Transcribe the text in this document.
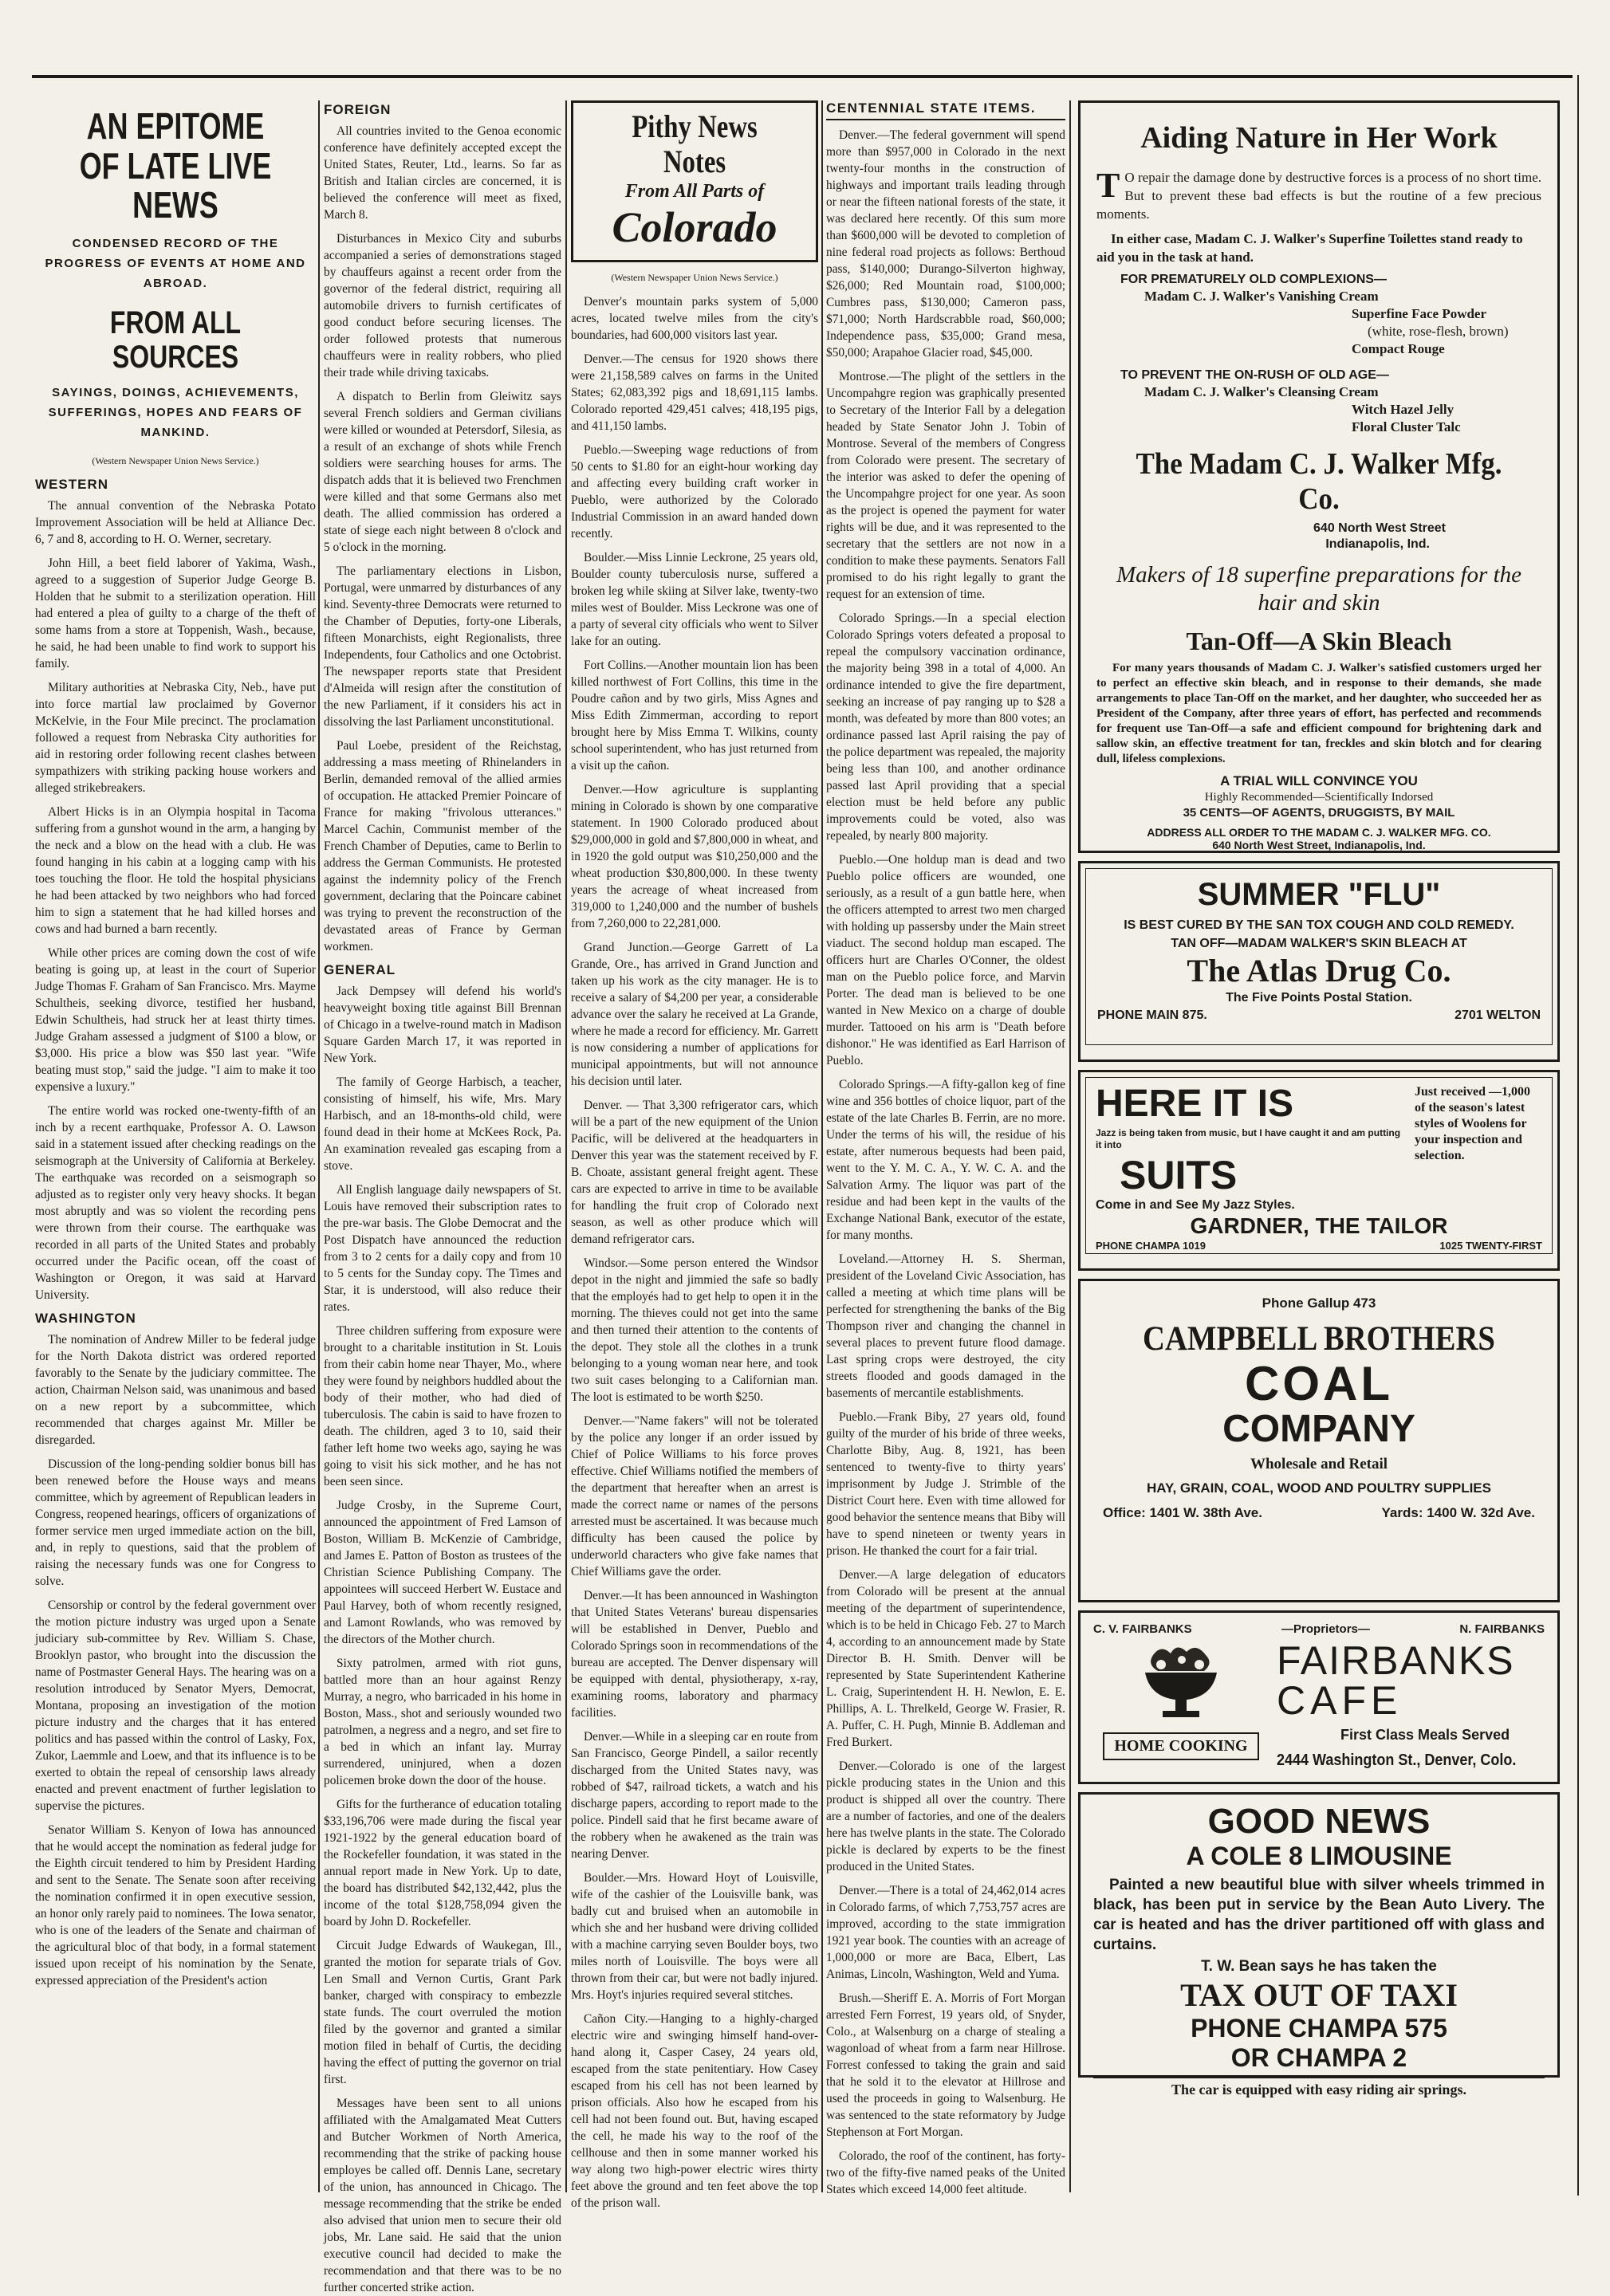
AN EPITOME OF LATE LIVE NEWS
CONDENSED RECORD OF THE PROGRESS OF EVENTS AT HOME AND ABROAD.
FROM ALL SOURCES
SAYINGS, DOINGS, ACHIEVEMENTS, SUFFERINGS, HOPES AND FEARS OF MANKIND.
(Western Newspaper Union News Service.)
WESTERN

The annual convention of the Nebraska Potato Improvement Association will be held at Alliance Dec. 6, 7 and 8, according to H. O. Werner, secretary.

John Hill, a beet field laborer of Yakima, Wash., agreed to a suggestion of Superior Judge George B. Holden that he submit to a sterilization operation. Hill had entered a plea of guilty to a charge of the theft of some hams from a store at Toppenish, Wash., because, he said, he had been unable to find work to support his family.

Military authorities at Nebraska City, Neb., have put into force martial law proclaimed by Governor McKelvie, in the Four Mile precinct. The proclamation followed a request from Nebraska City authorities for aid in restoring order following recent clashes between sympathizers with striking packing house workers and alleged strikebreakers.

Albert Hicks is in an Olympia hospital in Tacoma suffering from a gunshot wound in the arm, a hanging by the neck and a blow on the head with a club. He was found hanging in his cabin at a logging camp with his toes touching the floor. He told the hospital physicians he had been attacked by two neighbors who had forced him to sign a statement that he had killed horses and cows and had burned a barn recently.

While other prices are coming down the cost of wife beating is going up, at least in the court of Superior Judge Thomas F. Graham of San Francisco. Mrs. Mayme Schultheis, seeking divorce, testified her husband, Edwin Schultheis, had struck her at least thirty times. Judge Graham assessed a judgment of $100 a blow, or $3,000. His price a blow was $50 last year. "Wife beating must stop," said the judge. "I aim to make it too expensive a luxury."

The entire world was rocked one-twenty-fifth of an inch by a recent earthquake, Professor A. O. Lawson said in a statement issued after checking readings on the seismograph at the University of California at Berkeley. The earthquake was recorded on a seismograph so adjusted as to register only very heavy shocks. It began most abruptly and was so violent the recording pens were thrown from their course. The earthquake was recorded in all parts of the United States and probably occurred under the Pacific ocean, off the coast of Washington or Oregon, it was said at Harvard University.

WASHINGTON

The nomination of Andrew Miller to be federal judge for the North Dakota district was ordered reported favorably to the Senate by the judiciary committee. The action, Chairman Nelson said, was unanimous and based on a new report by a subcommittee, which recommended that charges against Mr. Miller be disregarded.

Discussion of the long-pending soldier bonus bill has been renewed before the House ways and means committee, which by agreement of Republican leaders in Congress, reopened hearings, officers of organizations of former service men urged immediate action on the bill, and, in reply to questions, said that the problem of raising the necessary funds was one for Congress to solve.

Censorship or control by the federal government over the motion picture industry was urged upon a Senate judiciary sub-committee by Rev. William S. Chase, Brooklyn pastor, who brought into the discussion the name of Postmaster General Hays. The hearing was on a resolution introduced by Senator Myers, Democrat, Montana, proposing an investigation of the motion picture industry and the charges that it has entered politics and has passed within the control of Lasky, Fox, Zukor, Laemmle and Loew, and that its influence is to be exerted to obtain the repeal of censorship laws already enacted and prevent enactment of further legislation to supervise the pictures.

Senator William S. Kenyon of Iowa has announced that he would accept the nomination as federal judge for the Eighth circuit tendered to him by President Harding and sent to the Senate. The Senate soon after receiving the nomination confirmed it in open executive session, an honor only rarely paid to nominees. The Iowa senator, who is one of the leaders of the Senate and chairman of the agricultural bloc of that body, in a formal statement issued upon receipt of his nomination by the Senate, expressed appreciation of the President's action

FOREIGN

All countries invited to the Genoa economic conference have definitely accepted except the United States, Reuter, Ltd., learns. So far as British and Italian circles are concerned, it is believed the conference will meet as fixed, March 8.

Disturbances in Mexico City and suburbs accompanied a series of demonstrations staged by chauffeurs against a recent order from the governor of the federal district, requiring all automobile drivers to furnish certificates of good conduct before securing licenses. The order followed protests that numerous chauffeurs were in reality robbers, who plied their trade while driving taxicabs.

A dispatch to Berlin from Gleiwitz says several French soldiers and German civilians were killed or wounded at Petersdorf, Silesia, as a result of an exchange of shots while French soldiers were searching houses for arms. The dispatch adds that it is believed two Frenchmen were killed and that some Germans also met death. The allied commission has ordered a state of siege each night between 8 o'clock and 5 o'clock in the morning.

The parliamentary elections in Lisbon, Portugal, were unmarred by disturbances of any kind. Seventy-three Democrats were returned to the Chamber of Deputies, forty-one Liberals, fifteen Monarchists, eight Regionalists, three Independents, four Catholics and one Octobrist. The newspaper reports state that President d'Almeida will resign after the constitution of the new Parliament, if it considers his act in dissolving the last Parliament unconstitutional.

Paul Loebe, president of the Reichstag, addressing a mass meeting of Rhinelanders in Berlin, demanded removal of the allied armies of occupation. He attacked Premier Poincare of France for making "frivolous utterances." Marcel Cachin, Communist member of the French Chamber of Deputies, came to Berlin to address the German Communists. He protested against the indemnity policy of the French government, declaring that the Poincare cabinet was trying to prevent the reconstruction of the devastated areas of France by German workmen.

GENERAL

Jack Dempsey will defend his world's heavyweight boxing title against Bill Brennan of Chicago in a twelve-round match in Madison Square Garden March 17, it was reported in New York.

The family of George Harbisch, a teacher, consisting of himself, his wife, Mrs. Mary Harbisch, and an 18-months-old child, were found dead in their home at McKees Rock, Pa. An examination revealed gas escaping from a stove.

All English language daily newspapers of St. Louis have removed their subscription rates to the pre-war basis. The Globe Democrat and the Post Dispatch have announced the reduction from 3 to 2 cents for a daily copy and from 10 to 5 cents for the Sunday copy. The Times and Star, it is understood, will also reduce their rates.

Three children suffering from exposure were brought to a charitable institution in St. Louis from their cabin home near Thayer, Mo., where they were found by neighbors huddled about the body of their mother, who had died of tuberculosis. The cabin is said to have frozen to death. The children, aged 3 to 10, said their father left home two weeks ago, saying he was going to visit his sick mother, and he has not been seen since.

Judge Crosby, in the Supreme Court, announced the appointment of Fred Lamson of Boston, William B. McKenzie of Cambridge, and James E. Patton of Boston as trustees of the Christian Science Publishing Company. The appointees will succeed Herbert W. Eustace and Paul Harvey, both of whom recently resigned, and Lamont Rowlands, who was removed by the directors of the Mother church.

Sixty patrolmen, armed with riot guns, battled more than an hour against Renzy Murray, a negro, who barricaded in his home in Boston, Mass., shot and seriously wounded two patrolmen, a negress and a negro, and set fire to a bed in which an infant lay. Murray surrendered, uninjured, when a dozen policemen broke down the door of the house.

Gifts for the furtherance of education totaling $33,196,706 were made during the fiscal year 1921-1922 by the general education board of the Rockefeller foundation, it was stated in the annual report made in New York. Up to date, the board has distributed $42,132,442, plus the income of the total $128,758,094 given the board by John D. Rockefeller.

Circuit Judge Edwards of Waukegan, Ill., granted the motion for separate trials of Gov. Len Small and Vernon Curtis, Grant Park banker, charged with conspiracy to embezzle state funds. The court overruled the motion filed by the governor and granted a similar motion filed in behalf of Curtis, the deciding having the effect of putting the governor on trial first.

Messages have been sent to all unions affiliated with the Amalgamated Meat Cutters and Butcher Workmen of North America, recommending that the strike of packing house employes be called off. Dennis Lane, secretary of the union, has announced in Chicago. The message recommending that the strike be ended also advised that union men to secure their old jobs, Mr. Lane said. He said that the union executive council had decided to make the recommendation and that there was to be no further concerted strike action.

Pithy News Notes
From All Parts of
Colorado
(Western Newspaper Union News Service.)

Denver's mountain parks system of 5,000 acres, located twelve miles from the city's boundaries, had 600,000 visitors last year.

Denver.—The census for 1920 shows there were 21,158,589 calves on farms in the United States; 62,083,392 pigs and 18,691,115 lambs. Colorado reported 429,451 calves; 418,195 pigs, and 411,150 lambs.

Pueblo.—Sweeping wage reductions of from 50 cents to $1.80 for an eight-hour working day and affecting every building craft worker in Pueblo, were authorized by the Colorado Industrial Commission in an award handed down recently.

Boulder.—Miss Linnie Leckrone, 25 years old, Boulder county tuberculosis nurse, suffered a broken leg while skiing at Silver lake, twenty-two miles west of Boulder. Miss Leckrone was one of a party of several city officials who went to Silver lake for an outing.

Fort Collins.—Another mountain lion has been killed northwest of Fort Collins, this time in the Poudre cañon and by two girls, Miss Agnes and Miss Edith Zimmerman, according to report brought here by Miss Emma T. Wilkins, county school superintendent, who has just returned from a visit up the cañon.

Denver.—How agriculture is supplanting mining in Colorado is shown by one comparative statement. In 1900 Colorado produced about $29,000,000 in gold and $7,800,000 in wheat, and in 1920 the gold output was $10,250,000 and the wheat production $30,800,000. In these twenty years the acreage of wheat increased from 319,000 to 1,240,000 and the number of bushels from 7,260,000 to 22,281,000.

Grand Junction.—George Garrett of La Grande, Ore., has arrived in Grand Junction and taken up his work as the city manager. He is to receive a salary of $4,200 per year, a considerable advance over the salary he received at La Grande, where he made a record for efficiency. Mr. Garrett is now considering a number of applications for municipal appointments, but will not announce his decision until later.

Denver. — That 3,300 refrigerator cars, which will be a part of the new equipment of the Union Pacific, will be delivered at the headquarters in Denver this year was the statement received by F. B. Choate, assistant general freight agent. These cars are expected to arrive in time to be available for handling the fruit crop of Colorado next season, as well as other produce which will demand refrigerator cars.

Windsor.—Some person entered the Windsor depot in the night and jimmied the safe so badly that the employés had to get help to open it in the morning. The thieves could not get into the same and then turned their attention to the contents of the depot. They stole all the clothes in a trunk belonging to a young woman near here, and took two suit cases belonging to a Californian man. The loot is estimated to be worth $250.

Denver.—"Name fakers" will not be tolerated by the police any longer if an order issued by Chief of Police Williams to his force proves effective. Chief Williams notified the members of the department that hereafter when an arrest is made the correct name or names of the persons arrested must be ascertained. It was because much difficulty has been caused the police by underworld characters who give fake names that Chief Williams gave the order.

Denver.—It has been announced in Washington that United States Veterans' bureau dispensaries will be established in Denver, Pueblo and Colorado Springs soon in recommendations of the bureau are accepted. The Denver dispensary will be equipped with dental, physiotherapy, x-ray, examining rooms, laboratory and pharmacy facilities.

Denver.—While in a sleeping car en route from San Francisco, George Pindell, a sailor recently discharged from the United States navy, was robbed of $47, railroad tickets, a watch and his discharge papers, according to report made to the police. Pindell said that he first became aware of the robbery when he awakened as the train was nearing Denver.

Boulder.—Mrs. Howard Hoyt of Louisville, wife of the cashier of the Louisville bank, was badly cut and bruised when an automobile in which she and her husband were driving collided with a machine carrying seven Boulder boys, two miles north of Louisville. The boys were all thrown from their car, but were not badly injured. Mrs. Hoyt's injuries required several stitches.

Cañon City.—Hanging to a highly-charged electric wire and swinging himself hand-over-hand along it, Casper Casey, 24 years old, escaped from the state penitentiary. How Casey escaped from his cell has not been learned by prison officials. Also how he escaped from his cell had not been found out. But, having escaped the cell, he made his way to the roof of the cellhouse and then in some manner worked his way along two high-power electric wires thirty feet above the ground and ten feet above the top of the prison wall.

CENTENNIAL STATE ITEMS.

Denver.—The federal government will spend more than $957,000 in Colorado in the next twenty-four months in the construction of highways and important trails leading through or near the fifteen national forests of the state, it was declared here recently. Of this sum more than $600,000 will be devoted to completion of nine federal road projects as follows: Berthoud pass, $140,000; Durango-Silverton highway, $26,000; Red Mountain road, $100,000; Cumbres pass, $130,000; Cameron pass, $71,000; North Hardscrabble road, $60,000; Independence pass, $35,000; Grand mesa, $50,000; Arapahoe Glacier road, $45,000.

Montrose.—The plight of the settlers in the Uncompahgre region was graphically presented to Secretary of the Interior Fall by a delegation headed by State Senator John J. Tobin of Montrose. Several of the members of Congress from Colorado were present. The secretary of the interior was asked to defer the opening of the Uncompahgre project for one year. As soon as the project is opened the payment for water rights will be due, and it was represented to the secretary that the settlers are not now in a condition to make these payments. Senators Fall promised to do his right legally to grant the request for an extension of time.

Colorado Springs.—In a special election Colorado Springs voters defeated a proposal to repeal the compulsory vaccination ordinance, the majority being 398 in a total of 4,000. An ordinance intended to give the fire department, seeking an increase of pay ranging up to $28 a month, was defeated by more than 800 votes; an ordinance passed last April raising the pay of the police department was repealed, the majority being less than 100, and another ordinance passed last April providing that a special election must be held before any public improvements could be voted, also was repealed, by nearly 800 majority.

Pueblo.—One holdup man is dead and two Pueblo police officers are wounded, one seriously, as a result of a gun battle here, when the officers attempted to arrest two men charged with holding up passersby under the Main street viaduct. The second holdup man escaped. The officers hurt are Charles O'Conner, the oldest man on the Pueblo police force, and Marvin Porter. The dead man is believed to be one wanted in New Mexico on a charge of double murder. Tattooed on his arm is "Death before dishonor." He was identified as Earl Harrison of Pueblo.

Colorado Springs.—A fifty-gallon keg of fine wine and 356 bottles of choice liquor, part of the estate of the late Charles B. Ferrin, are no more. Under the terms of his will, the residue of his estate, after numerous bequests had been paid, went to the Y. M. C. A., Y. W. C. A. and the Salvation Army. The liquor was part of the residue and had been kept in the vaults of the Exchange National Bank, executor of the estate, for many months.

Loveland.—Attorney H. S. Sherman, president of the Loveland Civic Association, has called a meeting at which time plans will be perfected for strengthening the banks of the Big Thompson river and changing the channel in several places to prevent future flood damage. Last spring crops were destroyed, the city streets flooded and goods damaged in the basements of mercantile establishments.

Pueblo.—Frank Biby, 27 years old, found guilty of the murder of his bride of three weeks, Charlotte Biby, Aug. 8, 1921, has been sentenced to twenty-five to thirty years' imprisonment by Judge J. Strimble of the District Court here. Even with time allowed for good behavior the sentence means that Biby will have to spend nineteen or twenty years in prison. He thanked the court for a fair trial.

Denver.—A large delegation of educators from Colorado will be present at the annual meeting of the department of superintendence, which is to be held in Chicago Feb. 27 to March 4, according to an announcement made by State Director B. H. Smith. Denver will be represented by State Superintendent Katherine L. Craig, Superintendent H. H. Newlon, E. E. Phillips, A. L. Threlkeld, George W. Frasier, R. A. Puffer, C. H. Pugh, Minnie B. Addleman and Fred Burkert.

Denver.—Colorado is one of the largest pickle producing states in the Union and this product is shipped all over the country. There are a number of factories, and one of the dealers here has twelve plants in the state. The Colorado pickle is declared by experts to be the finest produced in the United States.

Denver.—There is a total of 24,462,014 acres in Colorado farms, of which 7,753,757 acres are improved, according to the state immigration 1921 year book. The counties with an acreage of 1,000,000 or more are Baca, Elbert, Las Animas, Lincoln, Washington, Weld and Yuma.

Brush.—Sheriff E. A. Morris of Fort Morgan arrested Fern Forrest, 19 years old, of Snyder, Colo., at Walsenburg on a charge of stealing a wagonload of wheat from a farm near Hillrose. Forrest confessed to taking the grain and said that he sold it to the elevator at Hillrose and used the proceeds in going to Walsenburg. He was sentenced to the state reformatory by Judge Stephenson at Fort Morgan.

Colorado, the roof of the continent, has forty-two of the fifty-five named peaks of the United States which exceed 14,000 feet altitude.

Aiding Nature in Her Work

T O repair the damage done by destructive forces is a process of no short time. But to prevent these bad effects is but the routine of a few precious moments.

In either case, Madam C. J. Walker's Superfine Toilettes stand ready to aid you in the task at hand.

FOR PREMATURELY OLD COMPLEXIONS—

Madam C. J. Walker's Vanishing Cream

Superfine Face Powder

(white, rose-flesh, brown)

Compact Rouge

TO PREVENT THE ON-RUSH OF OLD AGE—

Madam C. J. Walker's Cleansing Cream

Witch Hazel Jelly

Floral Cluster Talc

The Madam C. J. Walker Mfg. Co.

640 North West Street

Indianapolis, Ind.

Makers of 18 superfine preparations for the hair and skin
Tan-Off—A Skin Bleach

For many years thousands of Madam C. J. Walker's satisfied customers urged her to perfect an effective skin bleach, and in response to their demands, she made arrangements to place Tan-Off on the market, and her daughter, who succeeded her as President of the Company, after three years of effort, has perfected and recommends for frequent use Tan-Off—a safe and efficient compound for brightening dark and sallow skin, an effective treatment for tan, freckles and skin blotch and for clearing dull, lifeless complexions.

A TRIAL WILL CONVINCE YOU

Highly Recommended—Scientifically Indorsed

35 CENTS—OF AGENTS, DRUGGISTS, BY MAIL

ADDRESS ALL ORDER TO THE MADAM C. J. WALKER MFG. CO.

640 North West Street, Indianapolis, Ind.

SUMMER "FLU"

IS BEST CURED BY THE SAN TOX COUGH AND COLD REMEDY.

TAN OFF—MADAM WALKER'S SKIN BLEACH AT

The Atlas Drug Co.

The Five Points Postal Station.

PHONE MAIN 875.	2701 WELTON
HERE IT IS

Jazz is being taken from music, but I have caught it and am putting it into

SUITS

Just received —1,000 of the season's latest styles of Woolens for your inspection and selection.

Come in and See My Jazz Styles.

GARDNER, THE TAILOR
PHONE CHAMPA 1019	1025 TWENTY-FIRST

Phone Gallup 473

CAMPBELL BROTHERS
COAL
COMPANY

Wholesale and Retail

HAY, GRAIN, COAL, WOOD AND POULTRY SUPPLIES

Office: 1401 W. 38th Ave.	Yards: 1400 W. 32d Ave.
C. V. FAIRBANKS	—Proprietors—	N. FAIRBANKS
HOME COOKING
FAIRBANKS
CAFE

First Class Meals Served

2444 Washington St., Denver, Colo.

GOOD NEWS
A COLE 8 LIMOUSINE

Painted a new beautiful blue with silver wheels trimmed in black, has been put in service by the Bean Auto Livery. The car is heated and has the driver partitioned off with glass and curtains.

T. W. Bean says he has taken the

TAX OUT OF TAXI
PHONE CHAMPA 575
OR CHAMPA 2

The car is equipped with easy riding air springs.
